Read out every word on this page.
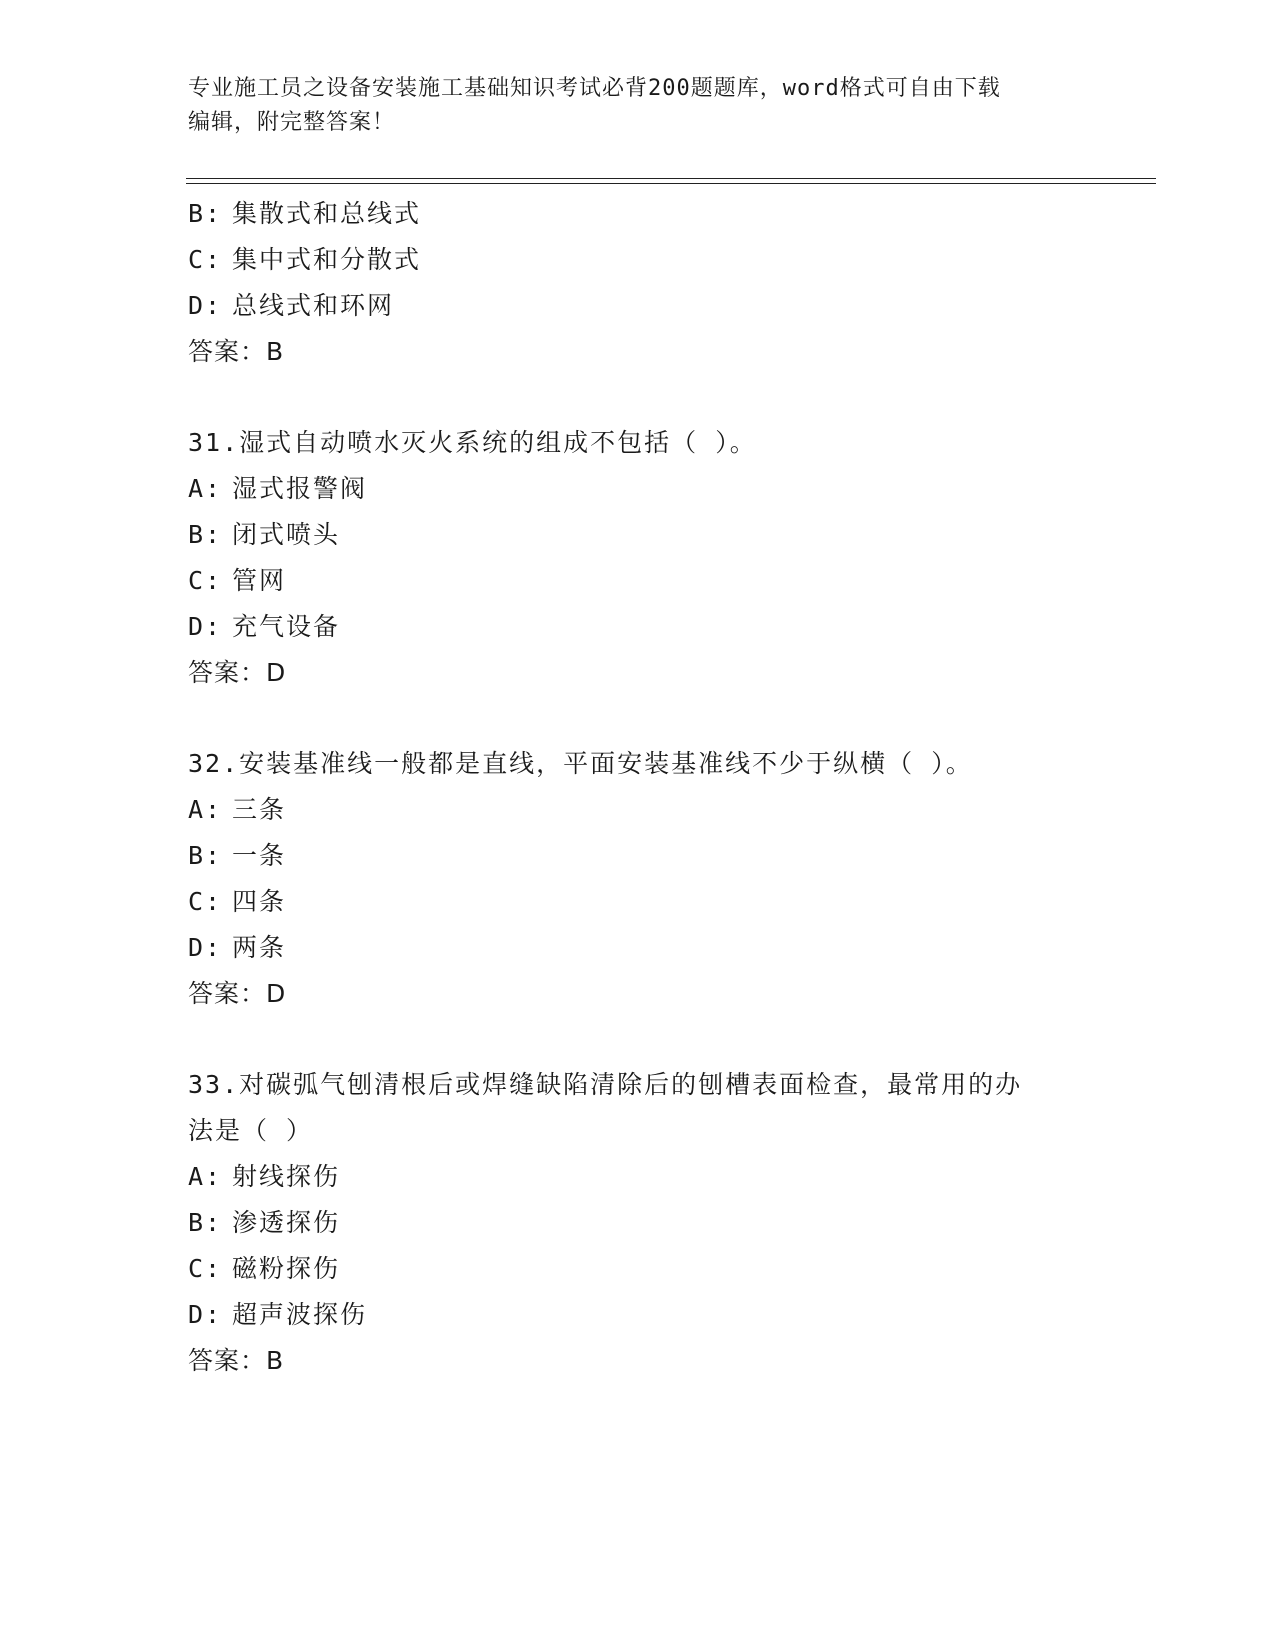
专业施工员之设备安装施工基础知识考试必背200题题库，word格式可自由下载
编辑，附完整答案！
B: 集散式和总线式
C: 集中式和分散式
D: 总线式和环网
答案：B
31.湿式自动喷水灭火系统的组成不包括（ ）。
A: 湿式报警阀
B: 闭式喷头
C: 管网
D: 充气设备
答案：D
32.安装基准线一般都是直线，平面安装基准线不少于纵横（ ）。
A: 三条
B: 一条
C: 四条
D: 两条
答案：D
33.对碳弧气刨清根后或焊缝缺陷清除后的刨槽表面检查，最常用的办
法是（ ）
A: 射线探伤
B: 渗透探伤
C: 磁粉探伤
D: 超声波探伤
答案：B
